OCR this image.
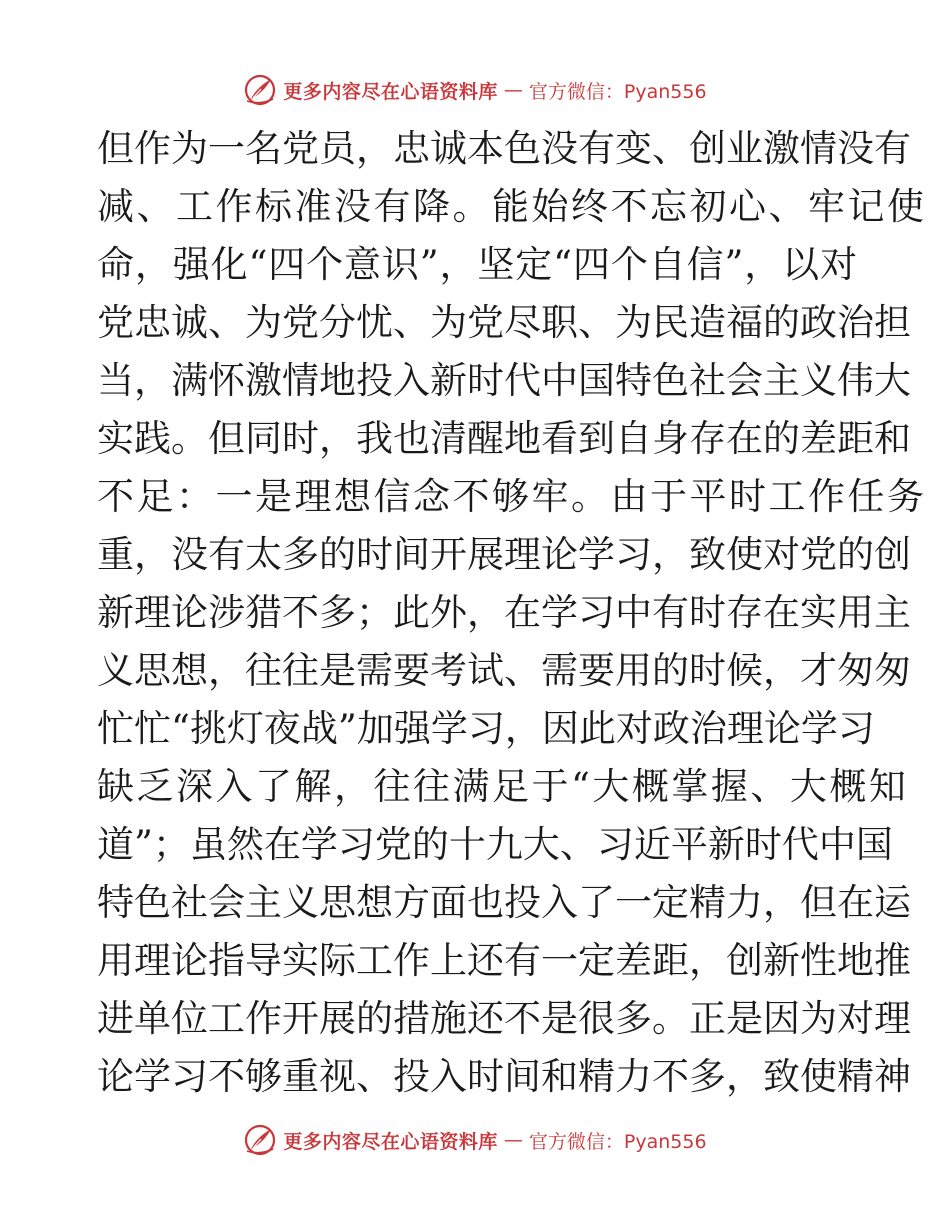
更多内容尽在心语资料库 — 官方微信：Pyan556
但作为一名党员，忠诚本色没有变、创业激情没有
减、工作标准没有降。能始终不忘初心、牢记使
命，强化“四个意识”，坚定“四个自信”，以对
党忠诚、为党分忧、为党尽职、为民造福的政治担
当，满怀激情地投入新时代中国特色社会主义伟大
实践。但同时，我也清醒地看到自身存在的差距和
不足：一是理想信念不够牢。由于平时工作任务
重，没有太多的时间开展理论学习，致使对党的创
新理论涉猎不多；此外，在学习中有时存在实用主
义思想，往往是需要考试、需要用的时候，才匆匆
忙忙“挑灯夜战”加强学习，因此对政治理论学习
缺乏深入了解，往往满足于“大概掌握、大概知
道”；虽然在学习党的十九大、习近平新时代中国
特色社会主义思想方面也投入了一定精力，但在运
用理论指导实际工作上还有一定差距，创新性地推
进单位工作开展的措施还不是很多。正是因为对理
论学习不够重视、投入时间和精力不多，致使精神
更多内容尽在心语资料库 — 官方微信：Pyan556
